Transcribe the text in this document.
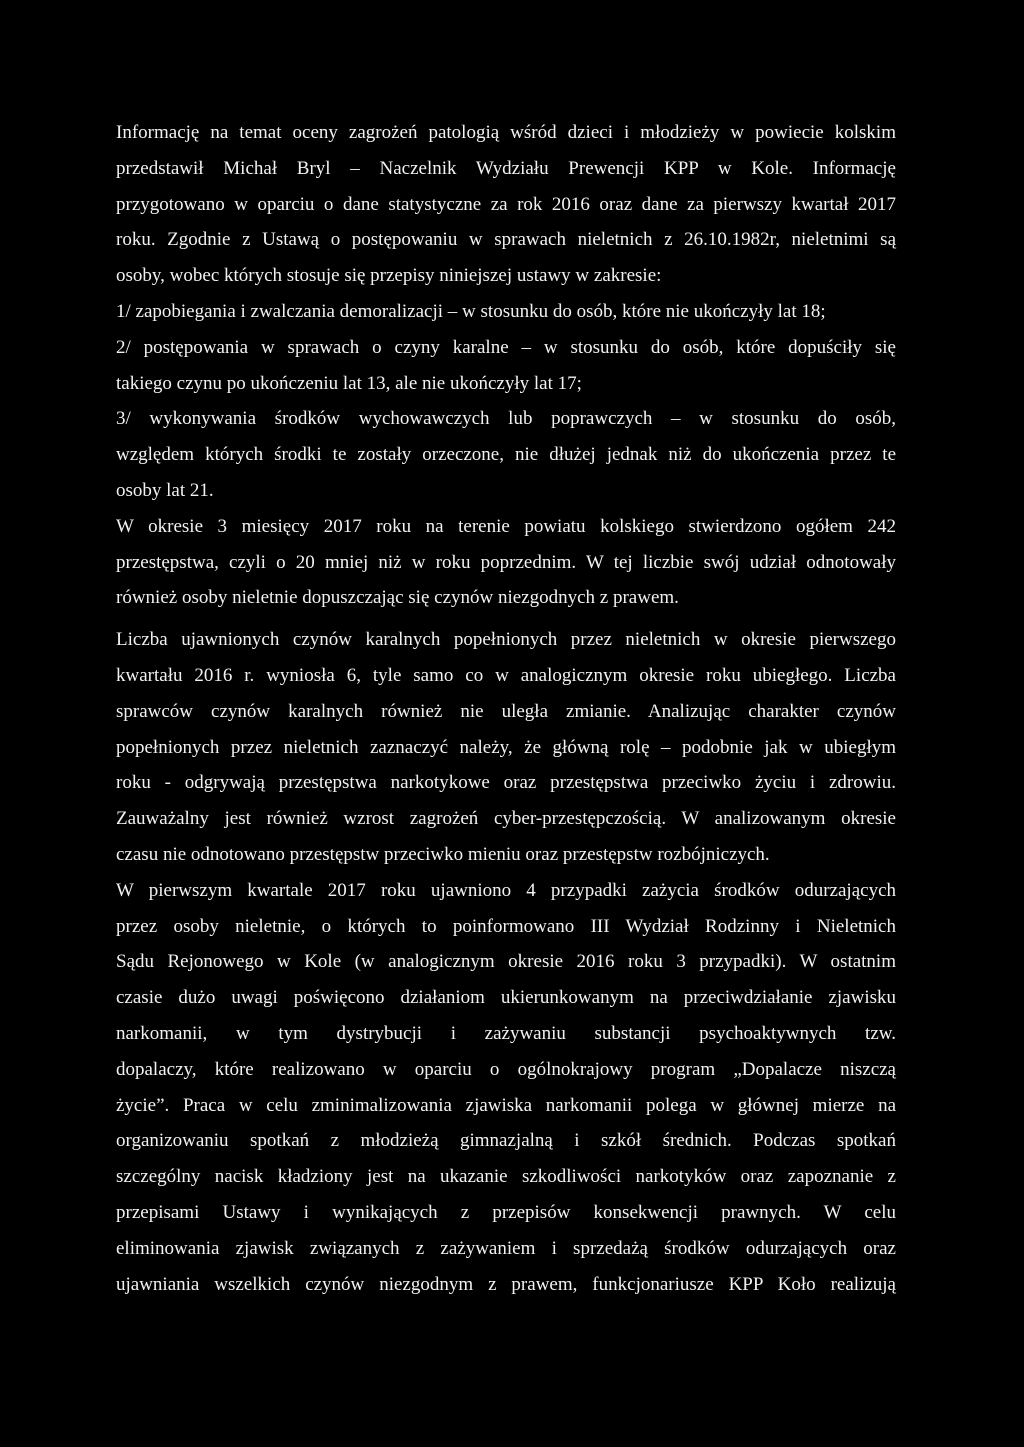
Informację na temat oceny zagrożeń patologią wśród dzieci i młodzieży w powiecie kolskim
przedstawił Michał Bryl – Naczelnik Wydziału Prewencji KPP w Kole. Informację
przygotowano w oparciu o dane statystyczne za rok 2016 oraz dane za pierwszy kwartał 2017
roku. Zgodnie z Ustawą o postępowaniu w sprawach nieletnich z 26.10.1982r, nieletnimi są
osoby, wobec których stosuje się przepisy niniejszej ustawy w zakresie:
1/ zapobiegania i zwalczania demoralizacji – w stosunku do osób, które nie ukończyły lat 18;
2/ postępowania w sprawach o czyny karalne – w stosunku do osób, które dopuściły się
takiego czynu po ukończeniu lat 13, ale nie ukończyły lat 17;
3/ wykonywania środków wychowawczych lub poprawczych – w stosunku do osób,
względem których środki te zostały orzeczone, nie dłużej jednak niż do ukończenia przez te
osoby lat 21.
W okresie 3 miesięcy 2017 roku na terenie powiatu kolskiego stwierdzono ogółem 242
przestępstwa, czyli o 20 mniej niż w roku poprzednim. W tej liczbie swój udział odnotowały
również osoby nieletnie dopuszczając się czynów niezgodnych z prawem.
Liczba ujawnionych czynów karalnych popełnionych przez nieletnich w okresie pierwszego
kwartału 2016 r. wyniosła 6, tyle samo co w analogicznym okresie roku ubiegłego. Liczba
sprawców czynów karalnych również nie uległa zmianie. Analizując charakter czynów
popełnionych przez nieletnich zaznaczyć należy, że główną rolę – podobnie jak w ubiegłym
roku - odgrywają przestępstwa narkotykowe oraz przestępstwa przeciwko życiu i zdrowiu.
Zauważalny jest również wzrost zagrożeń cyber-przestępczością. W analizowanym okresie
czasu nie odnotowano przestępstw przeciwko mieniu oraz przestępstw rozbójniczych.
W pierwszym kwartale 2017 roku ujawniono 4 przypadki zażycia środków odurzających
przez osoby nieletnie, o których to poinformowano III Wydział Rodzinny i Nieletnich
Sądu Rejonowego w Kole (w analogicznym okresie 2016 roku 3 przypadki). W ostatnim
czasie dużo uwagi poświęcono działaniom ukierunkowanym na przeciwdziałanie zjawisku
narkomanii, w tym dystrybucji i zażywaniu substancji psychoaktywnych tzw.
dopalaczy, które realizowano w oparciu o ogólnokrajowy program „Dopalacze niszczą
życie”. Praca w celu zminimalizowania zjawiska narkomanii polega w głównej mierze na
organizowaniu spotkań z młodzieżą gimnazjalną i szkół średnich. Podczas spotkań
szczególny nacisk kładziony jest na ukazanie szkodliwości narkotyków oraz zapoznanie z
przepisami Ustawy i wynikających z przepisów konsekwencji prawnych. W celu
eliminowania zjawisk związanych z zażywaniem i sprzedażą środków odurzających oraz
ujawniania wszelkich czynów niezgodnym z prawem, funkcjonariusze KPP Koło realizują
